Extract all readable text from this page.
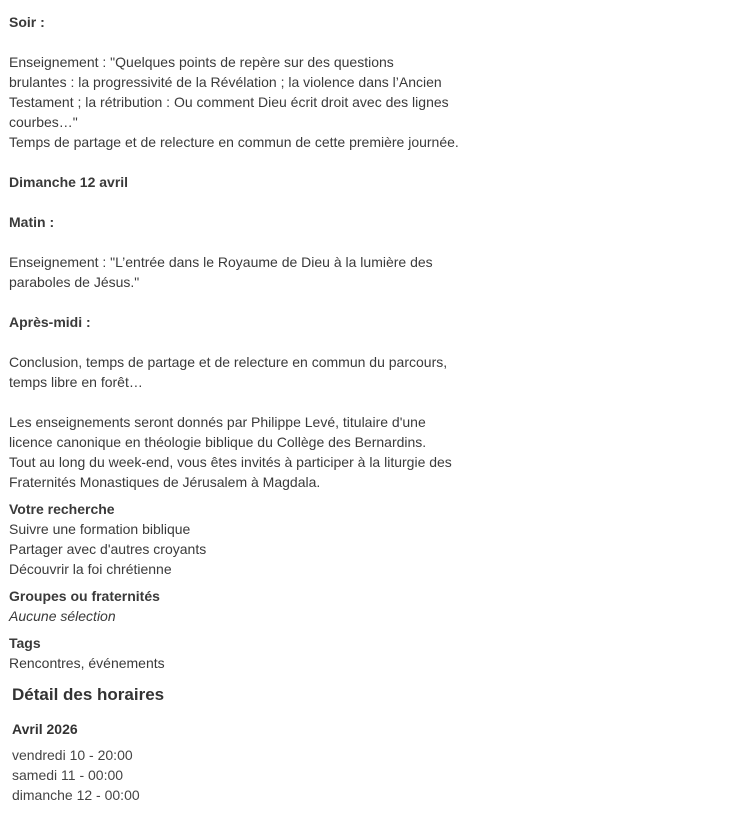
Soir :

Enseignement : "Quelques points de repère sur des questions

brulantes : la progressivité de la Révélation ; la violence dans l’Ancien

Testament ; la rétribution : Ou comment Dieu écrit droit avec des lignes

courbes…"

Temps de partage et de relecture en commun de cette première journée.

Dimanche 12 avril

Matin :

Enseignement : "L’entrée dans le Royaume de Dieu à la lumière des

paraboles de Jésus."

Après-midi :

Conclusion, temps de partage et de relecture en commun du parcours,

temps libre en forêt…

Les enseignements seront donnés par Philippe Levé, titulaire d'une

licence canonique en théologie biblique du Collège des Bernardins.

Tout au long du week-end, vous êtes invités à participer à la liturgie des

Fraternités Monastiques de Jérusalem à Magdala.

Votre recherche
Suivre une formation biblique
Partager avec d'autres croyants
Découvrir la foi chrétienne
Groupes ou fraternités
Aucune sélection
Tags
Rencontres, événements
Détail des horaires
Avril 2026
vendredi 10 - 20:00
samedi 11 - 00:00
dimanche 12 - 00:00
